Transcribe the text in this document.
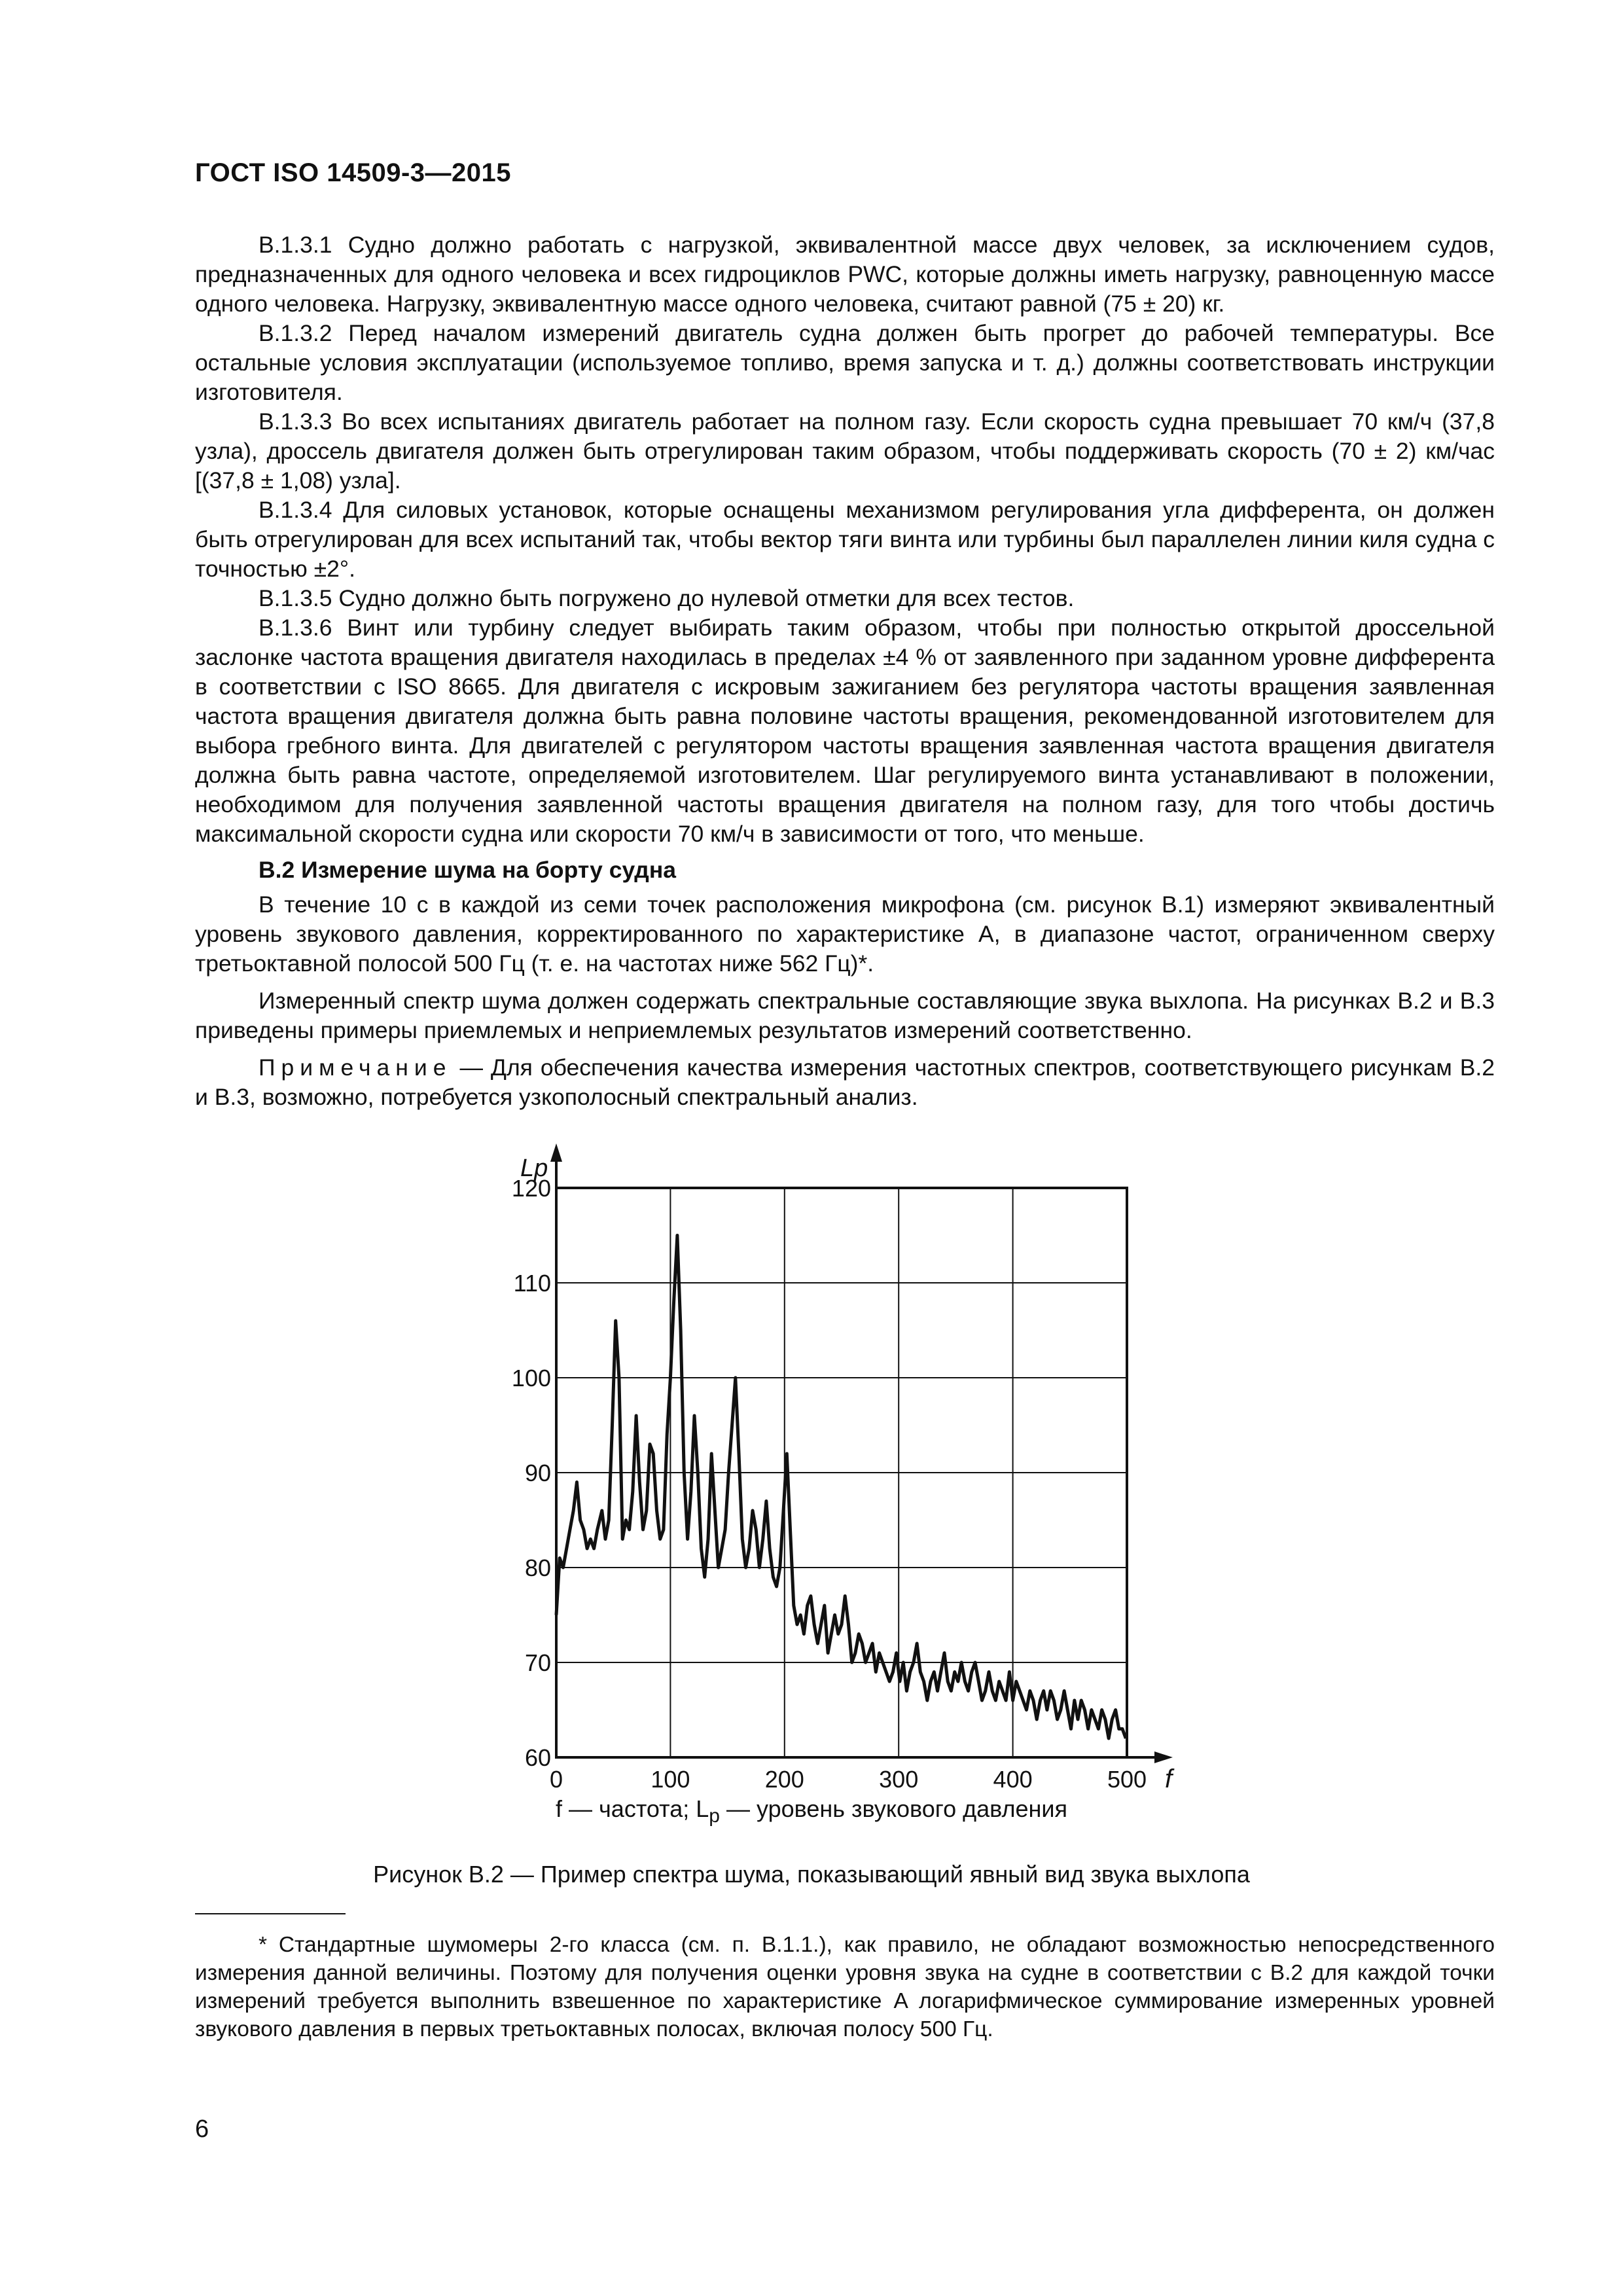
ГОСТ ISO 14509-3—2015

B.1.3.1 Судно должно работать с нагрузкой, эквивалентной массе двух человек, за исключением судов, предназначенных для одного человека и всех гидроциклов PWC, которые должны иметь нагрузку, равноценную массе одного человека. Нагрузку, эквивалентную массе одного человека, считают равной (75 ± 20) кг.

B.1.3.2 Перед началом измерений двигатель судна должен быть прогрет до рабочей температуры. Все остальные условия эксплуатации (используемое топливо, время запуска и т. д.) должны соответствовать инструкции изготовителя.

B.1.3.3 Во всех испытаниях двигатель работает на полном газу. Если скорость судна превышает 70 км/ч (37,8 узла), дроссель двигателя должен быть отрегулирован таким образом, чтобы поддерживать скорость (70 ± 2) км/час [(37,8 ± 1,08) узла].

B.1.3.4 Для силовых установок, которые оснащены механизмом регулирования угла дифферента, он должен быть отрегулирован для всех испытаний так, чтобы вектор тяги винта или турбины был параллелен линии киля судна с точностью ±2°.

B.1.3.5 Судно должно быть погружено до нулевой отметки для всех тестов.

B.1.3.6 Винт или турбину следует выбирать таким образом, чтобы при полностью открытой дроссельной заслонке частота вращения двигателя находилась в пределах ±4 % от заявленного при заданном уровне дифферента в соответствии с ISO 8665. Для двигателя с искровым зажиганием без регулятора частоты вращения заявленная частота вращения двигателя должна быть равна половине частоты вращения, рекомендованной изготовителем для выбора гребного винта. Для двигателей с регулятором частоты вращения заявленная частота вращения двигателя должна быть равна частоте, определяемой изготовителем. Шаг регулируемого винта устанавливают в положении, необходимом для получения заявленной частоты вращения двигателя на полном газу, для того чтобы достичь максимальной скорости судна или скорости 70 км/ч в зависимости от того, что меньше.

B.2 Измерение шума на борту судна

В течение 10 с в каждой из семи точек расположения микрофона (см. рисунок B.1) измеряют эквивалентный уровень звукового давления, корректированного по характеристике A, в диапазоне частот, ограниченном сверху третьоктавной полосой 500 Гц (т. е. на частотах ниже 562 Гц)*.

Измеренный спектр шума должен содержать спектральные составляющие звука выхлопа. На рисунках B.2 и B.3 приведены примеры приемлемых и неприемлемых результатов измерений соответственно.

Примечание — Для обеспечения качества измерения частотных спектров, соответствующего рисункам B.2 и B.3, возможно, потребуется узкополосный спектральный анализ.

60
70
80
90
100
110
120
0	100	200	300	400	500
Lp
f
f — частота; $L_p$ — уровень звукового давления
Рисунок B.2 — Пример спектра шума, показывающий явный вид звука выхлопа

* Стандартные шумомеры 2-го класса (см. п. B.1.1.), как правило, не обладают возможностью непосредственного измерения данной величины. Поэтому для получения оценки уровня звука на судне в соответствии с B.2 для каждой точки измерений требуется выполнить взвешенное по характеристике A логарифмическое суммирование измеренных уровней звукового давления в первых третьоктавных полосах, включая полосу 500 Гц.

6
